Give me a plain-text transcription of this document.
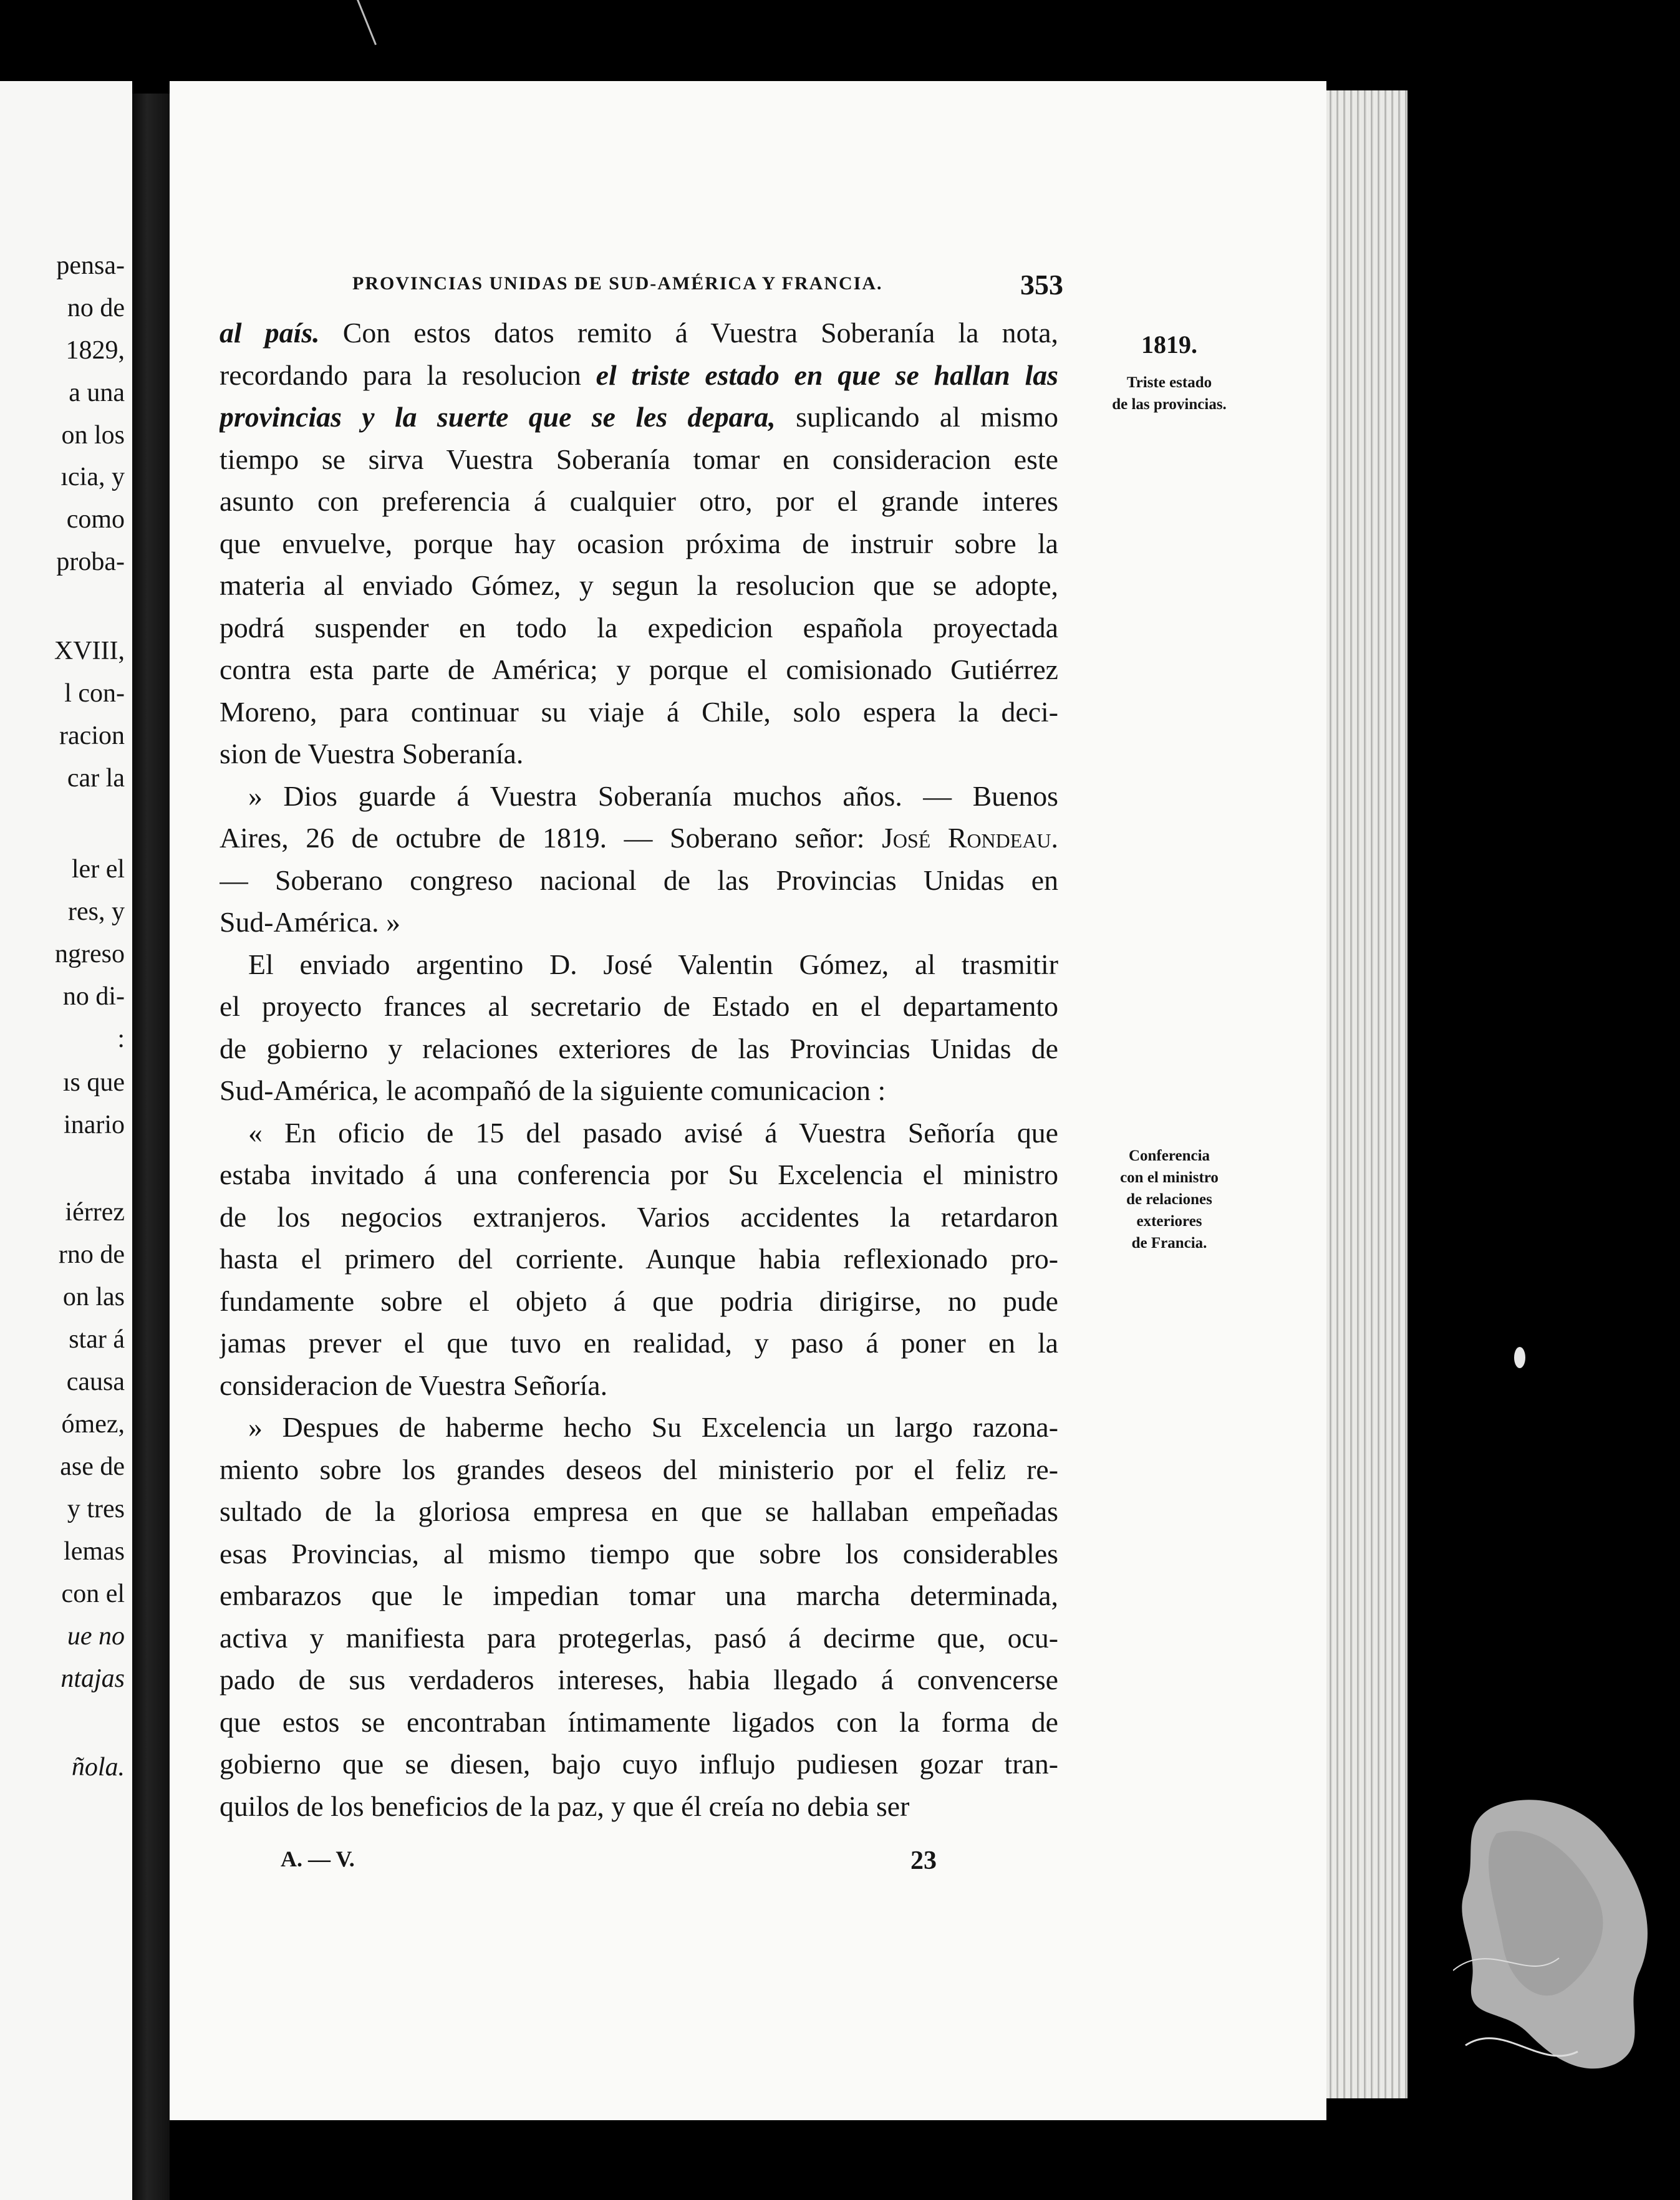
pensa-
no de
1829,
a una
on los
ıcia, y
como
proba-
XVIII,
l con-
racion
car la
ler el
res, y
ngreso
no di-
:
ıs que
inario
iérrez
rno de
on las
star á
causa
ómez,
ase de
y tres
lemas
con el
ue no
ntajas
ñola.
PROVINCIAS UNIDAS DE SUD-AMÉRICA Y FRANCIA.	353
al país. Con estos datos remito á Vuestra Soberanía la nota,
recordando para la resolucion el triste estado en que se hallan las
provincias y la suerte que se les depara, suplicando al mismo
tiempo se sirva Vuestra Soberanía tomar en consideracion este
asunto con preferencia á cualquier otro, por el grande interes
que envuelve, porque hay ocasion próxima de instruir sobre la
materia al enviado Gómez, y segun la resolucion que se adopte,
podrá suspender en todo la expedicion española proyectada
contra esta parte de América; y porque el comisionado Gutiérrez
Moreno, para continuar su viaje á Chile, solo espera la deci-
sion de Vuestra Soberanía.
» Dios guarde á Vuestra Soberanía muchos años. — Buenos
Aires, 26 de octubre de 1819. — Soberano señor: José Rondeau.
— Soberano congreso nacional de las Provincias Unidas en
Sud-América. »
El enviado argentino D. José Valentin Gómez, al trasmitir
el proyecto frances al secretario de Estado en el departamento
de gobierno y relaciones exteriores de las Provincias Unidas de
Sud-América, le acompañó de la siguiente comunicacion :
« En oficio de 15 del pasado avisé á Vuestra Señoría que
estaba invitado á una conferencia por Su Excelencia el ministro
de los negocios extranjeros. Varios accidentes la retardaron
hasta el primero del corriente. Aunque habia reflexionado pro-
fundamente sobre el objeto á que podria dirigirse, no pude
jamas prever el que tuvo en realidad, y paso á poner en la
consideracion de Vuestra Señoría.
» Despues de haberme hecho Su Excelencia un largo razona-
miento sobre los grandes deseos del ministerio por el feliz re-
sultado de la gloriosa empresa en que se hallaban empeñadas
esas Provincias, al mismo tiempo que sobre los considerables
embarazos que le impedian tomar una marcha determinada,
activa y manifiesta para protegerlas, pasó á decirme que, ocu-
pado de sus verdaderos intereses, habia llegado á convencerse
que estos se encontraban íntimamente ligados con la forma de
gobierno que se diesen, bajo cuyo influjo pudiesen gozar tran-
quilos de los beneficios de la paz, y que él creía no debia ser
1819.
Triste estado
de las provincias.
Conferencia
con el ministro
de relaciones
exteriores
de Francia.
A. — V.	23
